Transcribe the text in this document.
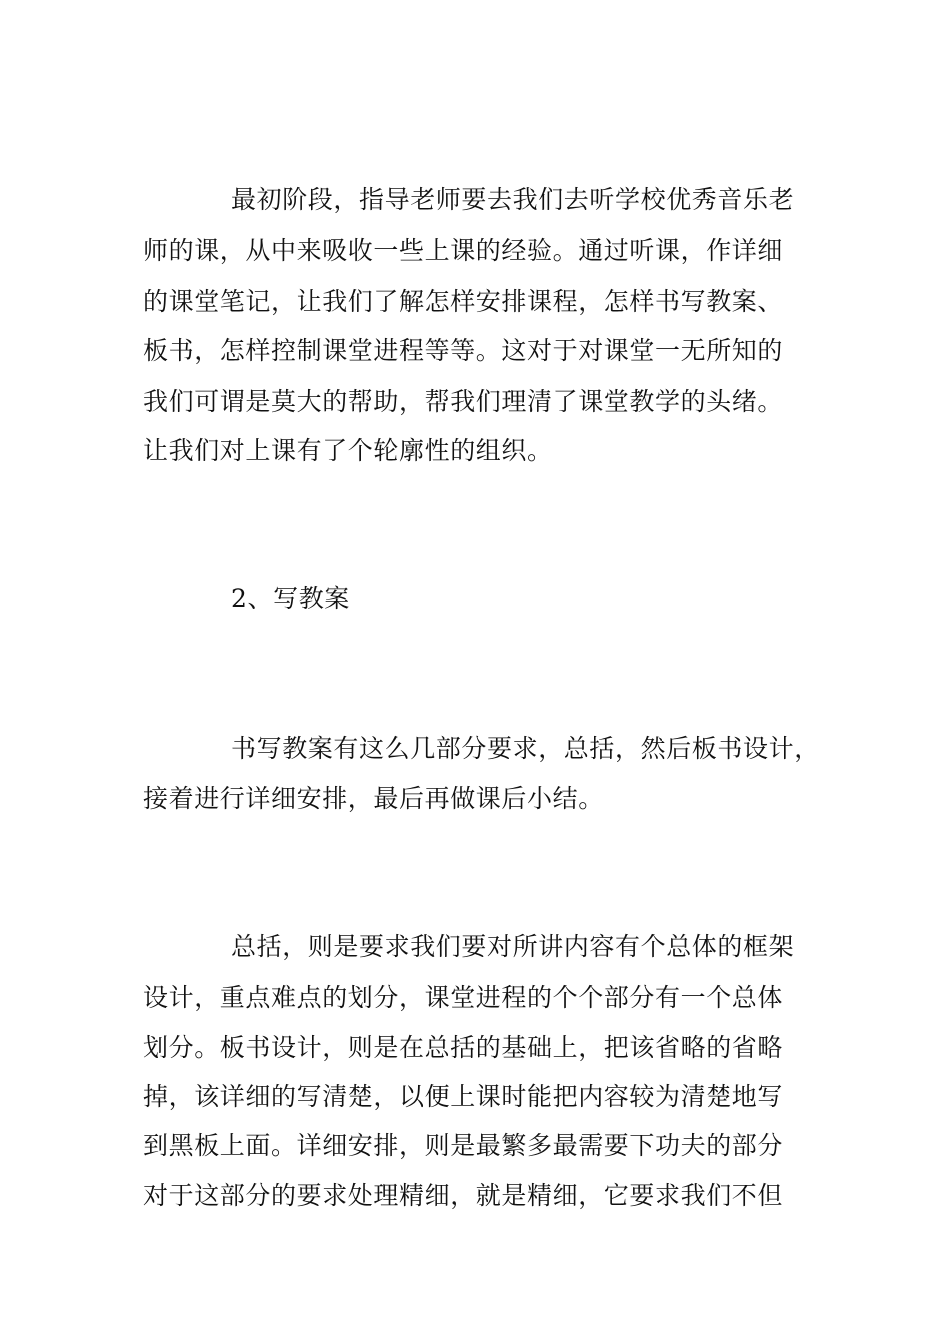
最初阶段，指导老师要去我们去听学校优秀音乐老
师的课，从中来吸收一些上课的经验。通过听课，作详细
的课堂笔记，让我们了解怎样安排课程，怎样书写教案、
板书，怎样控制课堂进程等等。这对于对课堂一无所知的
我们可谓是莫大的帮助，帮我们理清了课堂教学的头绪。
让我们对上课有了个轮廓性的组织。
2、写教案
书写教案有这么几部分要求，总括，然后板书设计，
接着进行详细安排，最后再做课后小结。
总括，则是要求我们要对所讲内容有个总体的框架
设计，重点难点的划分，课堂进程的个个部分有一个总体
划分。板书设计，则是在总括的基础上，把该省略的省略
掉，该详细的写清楚，以便上课时能把内容较为清楚地写
到黑板上面。详细安排，则是最繁多最需要下功夫的部分
对于这部分的要求处理精细，就是精细，它要求我们不但
